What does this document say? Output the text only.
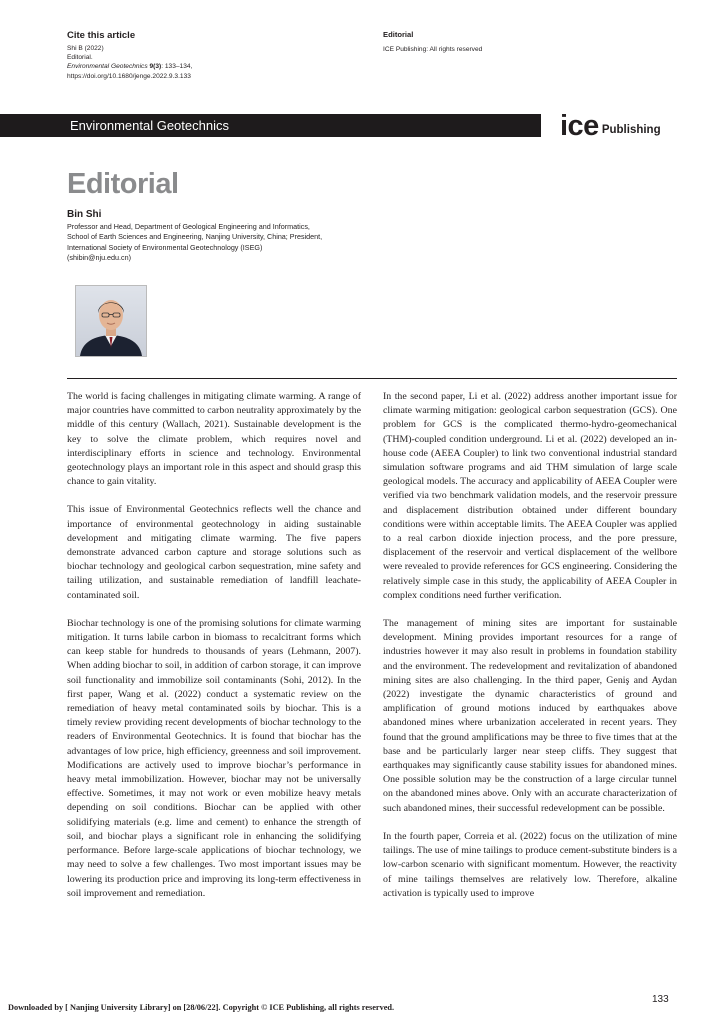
Cite this article
Shi B (2022)
Editorial.
Environmental Geotechnics 9(3): 133–134,
https://doi.org/10.1680/jenge.2022.9.3.133
Editorial
ICE Publishing: All rights reserved
Environmental Geotechnics	ice Publishing
Editorial
Bin Shi
Professor and Head, Department of Geological Engineering and Informatics,
School of Earth Sciences and Engineering, Nanjing University, China; President,
International Society of Environmental Geotechnology (ISEG)
(shibin@nju.edu.cn)

The world is facing challenges in mitigating climate warming. A range of major countries have committed to carbon neutrality approximately by the middle of this century (Wallach, 2021). Sustainable development is the key to solve the climate problem, which requires novel and interdisciplinary efforts in science and technology. Environmental geotechnology plays an important role in this aspect and should grasp this chance to gain vitality.

This issue of Environmental Geotechnics reflects well the chance and importance of environmental geotechnology in aiding sustainable development and mitigating climate warming. The five papers demonstrate advanced carbon capture and storage solutions such as biochar technology and geological carbon sequestration, mine safety and tailing utilization, and sustainable remediation of landfill leachate-contaminated soil.

Biochar technology is one of the promising solutions for climate warming mitigation. It turns labile carbon in biomass to recalcitrant forms which can keep stable for hundreds to thousands of years (Lehmann, 2007). When adding biochar to soil, in addition of carbon storage, it can improve soil functionality and immobilize soil contaminants (Sohi, 2012). In the first paper, Wang et al. (2022) conduct a systematic review on the remediation of heavy metal contaminated soils by biochar. This is a timely review providing recent developments of biochar technology to the readers of Environmental Geotechnics. It is found that biochar has the advantages of low price, high efficiency, greenness and soil improvement. Modifications are actively used to improve biochar’s performance in heavy metal immobilization. However, biochar may not be universally effective. Sometimes, it may not work or even mobilize heavy metals depending on soil conditions. Biochar can be applied with other solidifying materials (e.g. lime and cement) to enhance the strength of soil, and biochar plays a significant role in enhancing the solidifying performance. Before large-scale applications of biochar technology, we may need to solve a few challenges. Two most important issues may be lowering its production price and improving its long-term effectiveness in soil improvement and remediation.

In the second paper, Li et al. (2022) address another important issue for climate warming mitigation: geological carbon sequestration (GCS). One problem for GCS is the complicated thermo-hydro-geomechanical (THM)-coupled condition underground. Li et al. (2022) developed an in-house code (AEEA Coupler) to link two conventional industrial standard simulation software programs and aid THM simulation of large scale geological models. The accuracy and applicability of AEEA Coupler were verified via two benchmark validation models, and the reservoir pressure and displacement distribution obtained under different boundary conditions were within acceptable limits. The AEEA Coupler was applied to a real carbon dioxide injection process, and the pore pressure, displacement of the reservoir and vertical displacement of the wellbore were revealed to provide references for GCS engineering. Considering the relatively simple case in this study, the applicability of AEEA Coupler in complex conditions need further verification.

The management of mining sites are important for sustainable development. Mining provides important resources for a range of industries however it may also result in problems in foundation stability and the environment. The redevelopment and revitalization of abandoned mining sites are also challenging. In the third paper, Geniş and Aydan (2022) investigate the dynamic characteristics of ground and amplification of ground motions induced by earthquakes above abandoned mines where urbanization accelerated in recent years. They found that the ground amplifications may be three to five times that at the base and be particularly larger near steep cliffs. They suggest that earthquakes may significantly cause stability issues for abandoned mines. One possible solution may be the construction of a large circular tunnel on the abandoned mines above. Only with an accurate characterization of such abandoned mines, their successful redevelopment can be possible.

In the fourth paper, Correia et al. (2022) focus on the utilization of mine tailings. The use of mine tailings to produce cement-substitute binders is a low-carbon scenario with significant momentum. However, the reactivity of mine tailings themselves are relatively low. Therefore, alkaline activation is typically used to improve

Downloaded by [ Nanjing University Library] on [28/06/22]. Copyright © ICE Publishing, all rights reserved.
133
